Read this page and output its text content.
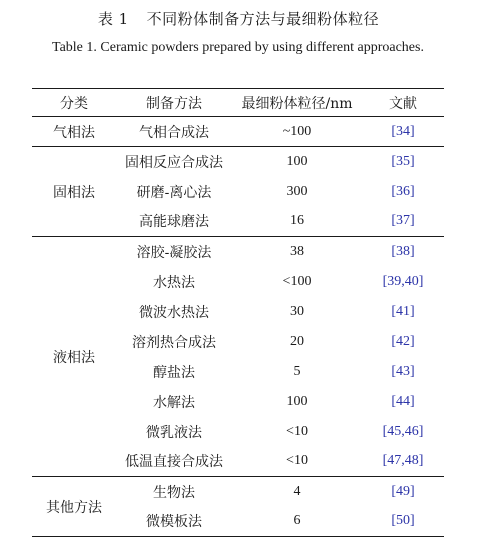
表 1 不同粉体制备方法与最细粉体粒径
Table 1. Ceramic powders prepared by using different approaches.
分类	制备方法	最细粉体粒径/nm	文献
气相法	气相合成法	~100	[34]
固相法	固相反应合成法	100	[35]
	研磨-离心法	300	[36]
	高能球磨法	16	[37]
液相法	溶胶-凝胶法	38	[38]
	水热法	<100	[39,40]
	微波水热法	30	[41]
	溶剂热合成法	20	[42]
	醇盐法	5	[43]
	水解法	100	[44]
	微乳液法	<10	[45,46]
	低温直接合成法	<10	[47,48]
其他方法	生物法	4	[49]
	微模板法	6	[50]
